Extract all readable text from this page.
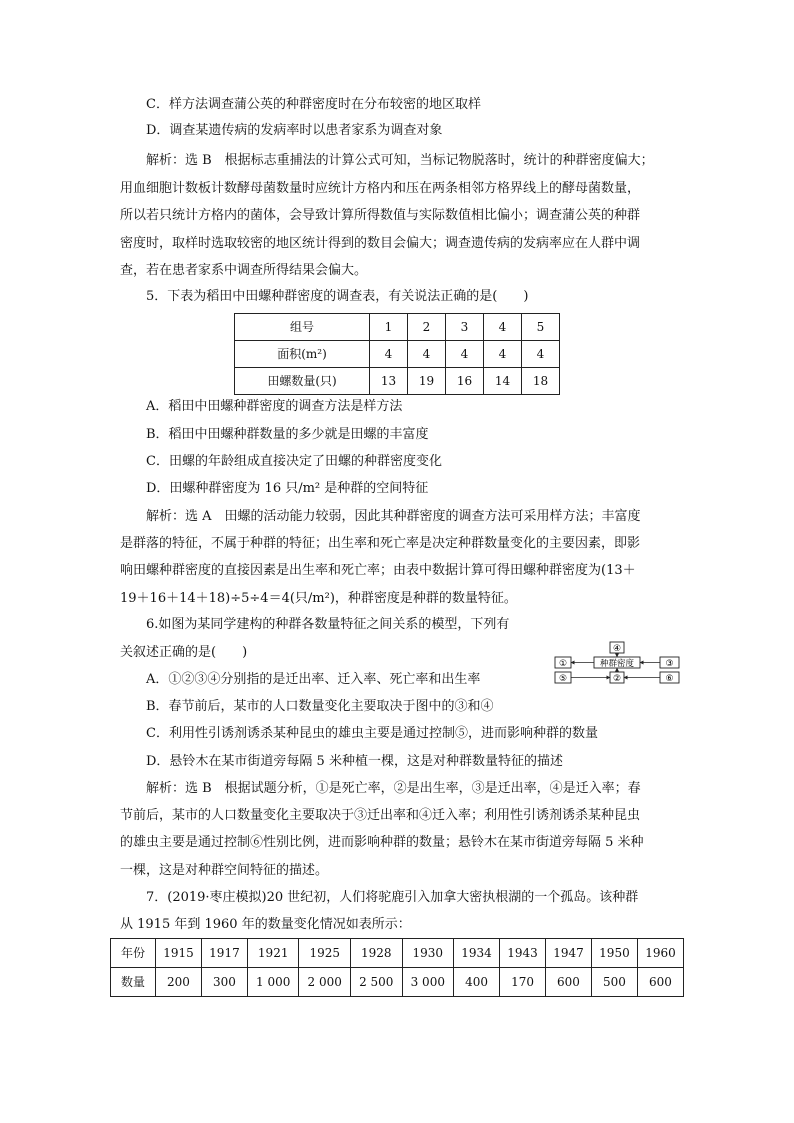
C．样方法调查蒲公英的种群密度时在分布较密的地区取样
D．调查某遗传病的发病率时以患者家系为调查对象
解析：选 B　根据标志重捕法的计算公式可知，当标记物脱落时，统计的种群密度偏大；
用血细胞计数板计数酵母菌数量时应统计方格内和压在两条相邻方格界线上的酵母菌数量，
所以若只统计方格内的菌体，会导致计算所得数值与实际数值相比偏小；调查蒲公英的种群
密度时，取样时选取较密的地区统计得到的数目会偏大；调查遗传病的发病率应在人群中调
查，若在患者家系中调查所得结果会偏大。
5．下表为稻田中田螺种群密度的调查表，有关说法正确的是(　　)
组号	1	2	3	4	5
面积(m²)	4	4	4	4	4
田螺数量(只)	13	19	16	14	18
A．稻田中田螺种群密度的调查方法是样方法
B．稻田中田螺种群数量的多少就是田螺的丰富度
C．田螺的年龄组成直接决定了田螺的种群密度变化
D．田螺种群密度为 16 只/m² 是种群的空间特征
解析：选 A　田螺的活动能力较弱，因此其种群密度的调查方法可采用样方法；丰富度
是群落的特征，不属于种群的特征；出生率和死亡率是决定种群数量变化的主要因素，即影
响田螺种群密度的直接因素是出生率和死亡率；由表中数据计算可得田螺种群密度为(13＋
19＋16＋14＋18)÷5÷4＝4(只/m²)，种群密度是种群的数量特征。
6.如图为某同学建构的种群各数量特征之间关系的模型，下列有
关叙述正确的是(　　)	④
种群密度
①	③
②
⑤	⑥
A．①②③④分别指的是迁出率、迁入率、死亡率和出生率
B．春节前后，某市的人口数量变化主要取决于图中的③和④
C．利用性引诱剂诱杀某种昆虫的雄虫主要是通过控制⑤，进而影响种群的数量
D．悬铃木在某市街道旁每隔 5 米种植一棵，这是对种群数量特征的描述
解析：选 B　根据试题分析，①是死亡率，②是出生率，③是迁出率，④是迁入率；春
节前后，某市的人口数量变化主要取决于③迁出率和④迁入率；利用性引诱剂诱杀某种昆虫
的雄虫主要是通过控制⑥性别比例，进而影响种群的数量；悬铃木在某市街道旁每隔 5 米种
一棵，这是对种群空间特征的描述。
7．(2019·枣庄模拟)20 世纪初，人们将驼鹿引入加拿大密执根湖的一个孤岛。该种群
从 1915 年到 1960 年的数量变化情况如表所示：
年份	1915	1917	1921	1925	1928	1930	1934	1943	1947	1950	1960
数量	200	300	1 000	2 000	2 500	3 000	400	170	600	500	600
